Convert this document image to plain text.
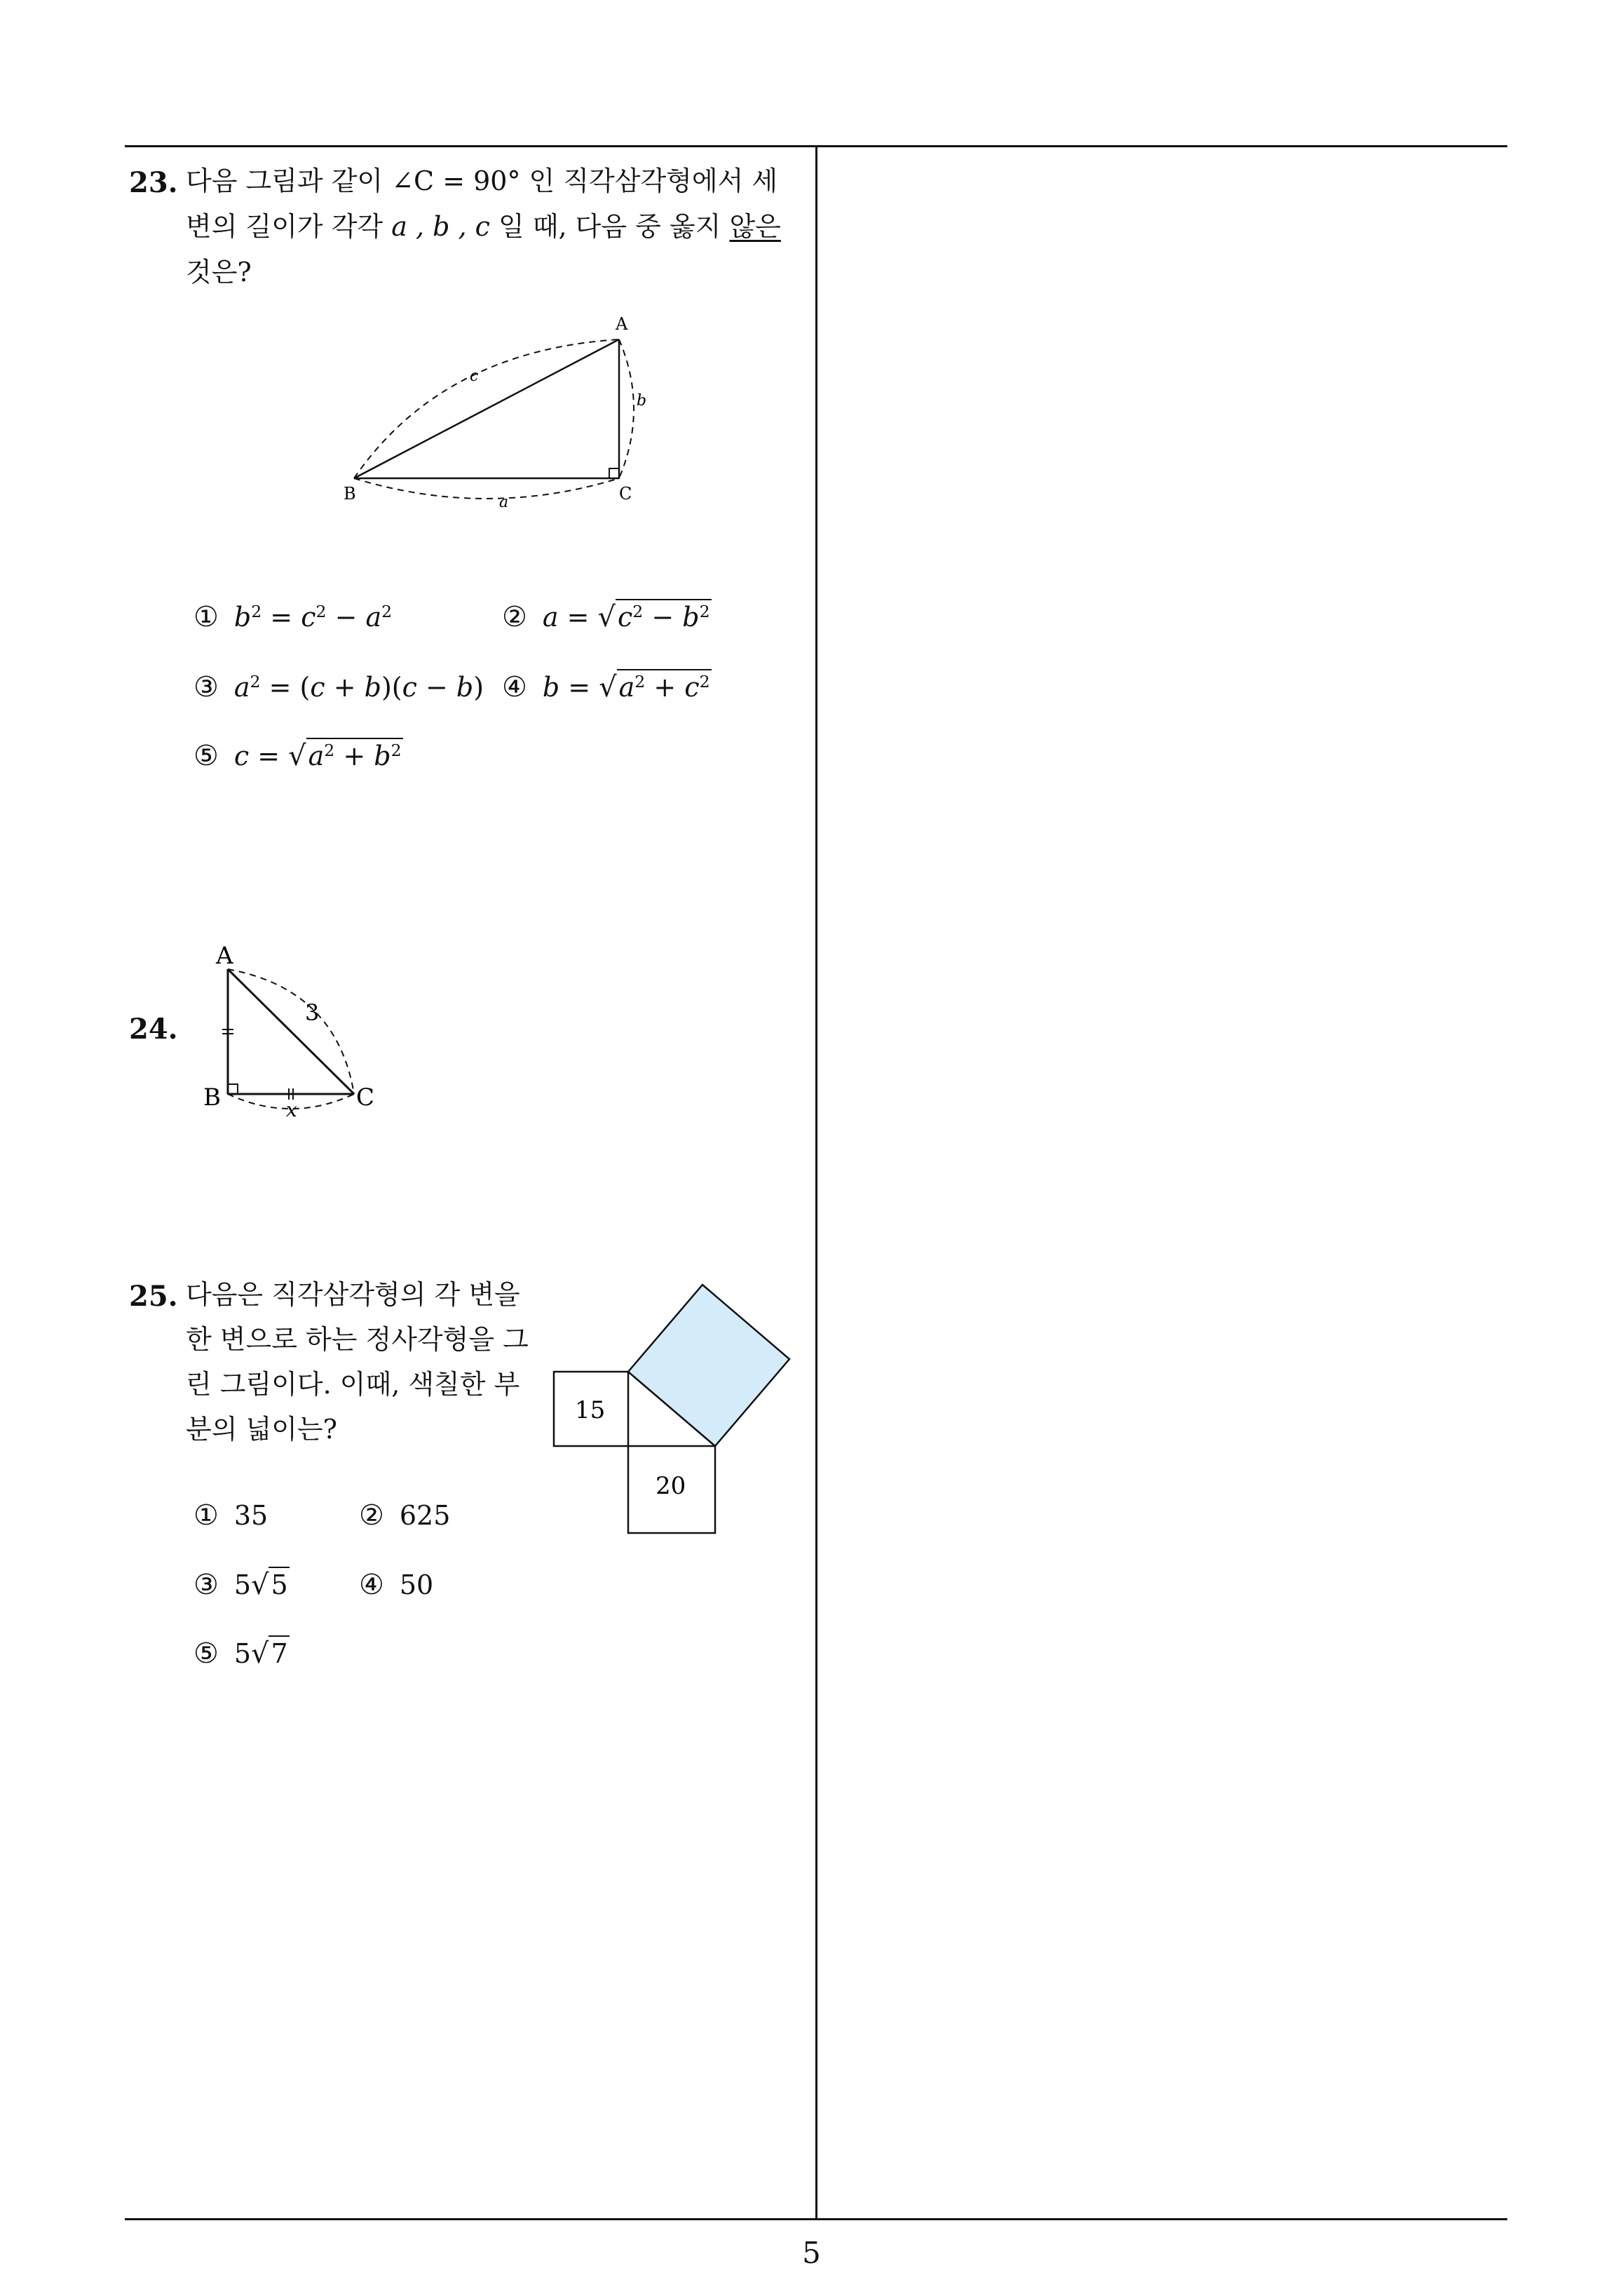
23. 다음 그림과 같이 ∠C = 90° 인 직각삼각형에서 세
변의 길이가 각각 a , b , c 일 때, 다음 중 옳지 않은
것은?
A
B	C
c
b
a
① $b^2 = c^2 - a^2$	② $a = √c^2 - b^2$
③ $a^2 = (c + b)(c - b)$ ④ $b = √a^2 + c^2$
⑤ $c = √a^2 + b^2$
24.
A
B	C
3
x
25. 다음은 직각삼각형의 각 변을
한 변으로 하는 정사각형을 그
린 그림이다. 이때, 색칠한 부
분의 넓이는?
15
20
① 35	② 625
③ 5√5	④ 50
⑤ 5√7
5
